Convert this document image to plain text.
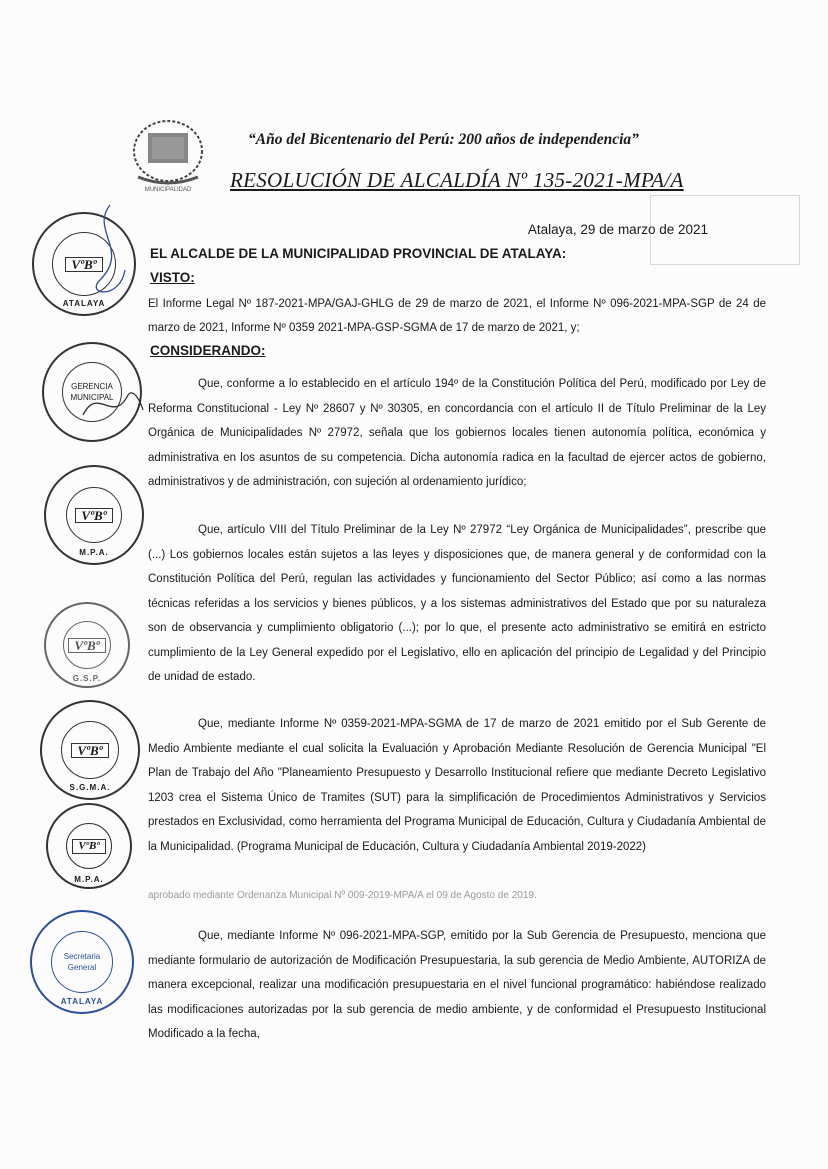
MUNICIPALIDAD
“Año del Bicentenario del Perú: 200 años de independencia”
RESOLUCIÓN DE ALCALDÍA Nº 135-2021-MPA/A
Atalaya, 29 de marzo de 2021
EL ALCALDE DE LA MUNICIPALIDAD PROVINCIAL DE ATALAYA:
VISTO:
El Informe Legal Nº 187-2021-MPA/GAJ-GHLG de 29 de marzo de 2021, el Informe Nº 096-2021-MPA-SGP de 24 de marzo de 2021, Informe Nº 0359 2021-MPA-GSP-SGMA de 17 de marzo de 2021, y;
CONSIDERANDO:
Que, conforme a lo establecido en el artículo 194º de la Constitución Política del Perú, modificado por Ley de Reforma Constitucional - Ley Nº 28607 y Nº 30305, en concordancia con el artículo II de Título Preliminar de la Ley Orgánica de Municipalidades Nº 27972, señala que los gobiernos locales tienen autonomía política, económica y administrativa en los asuntos de su competencia. Dicha autonomía radica en la facultad de ejercer actos de gobierno, administrativos y de administración, con sujeción al ordenamiento jurídico;
Que, artículo VIII del Título Preliminar de la Ley Nº 27972 “Ley Orgánica de Municipalidades”, prescribe que (...) Los gobiernos locales están sujetos a las leyes y disposiciones que, de manera general y de conformidad con la Constitución Política del Perú, regulan las actividades y funcionamiento del Sector Público; así como a las normas técnicas referidas a los servicios y bienes públicos, y a los sistemas administrativos del Estado que por su naturaleza son de observancia y cumplimiento obligatorio (...); por lo que, el presente acto administrativo se emitirá en estricto cumplimiento de la Ley General expedido por el Legislativo, ello en aplicación del principio de Legalidad y del Principio de unidad de estado.
Que, mediante Informe Nº 0359-2021-MPA-SGMA de 17 de marzo de 2021 emitido por el Sub Gerente de Medio Ambiente mediante el cual solicita la Evaluación y Aprobación Mediante Resolución de Gerencia Municipal "El Plan de Trabajo del Año "Planeamiento Presupuesto y Desarrollo Institucional refiere que mediante Decreto Legislativo 1203 crea el Sistema Único de Tramites (SUT) para la simplificación de Procedimientos Administrativos y Servicios prestados en Exclusividad, como herramienta del Programa Municipal de Educación, Cultura y Ciudadanía Ambiental de la Municipalidad. (Programa Municipal de Educación, Cultura y Ciudadanía Ambiental 2019-2022)
aprobado mediante Ordenanza Municipal Nº 009-2019-MPA/A el 09 de Agosto de 2019.
Que, mediante Informe Nº 096-2021-MPA-SGP, emitido por la Sub Gerencia de Presupuesto, menciona que mediante formulario de autorización de Modificación Presupuestaria, la sub gerencia de Medio Ambiente, AUTORIZA de manera excepcional, realizar una modificación presupuestaria en el nivel funcional programático: habiéndose realizado las modificaciones autorizadas por la sub gerencia de medio ambiente, y de conformidad el Presupuesto Institucional Modificado a la fecha,
VºBº
ATALAYA
GERENCIA
MUNICIPAL
VºBº
M.P.A.
VºBº
G.S.P.
VºBº
S.G.M.A.
VºBº
M.P.A.
Secretaria
General
ATALAYA
